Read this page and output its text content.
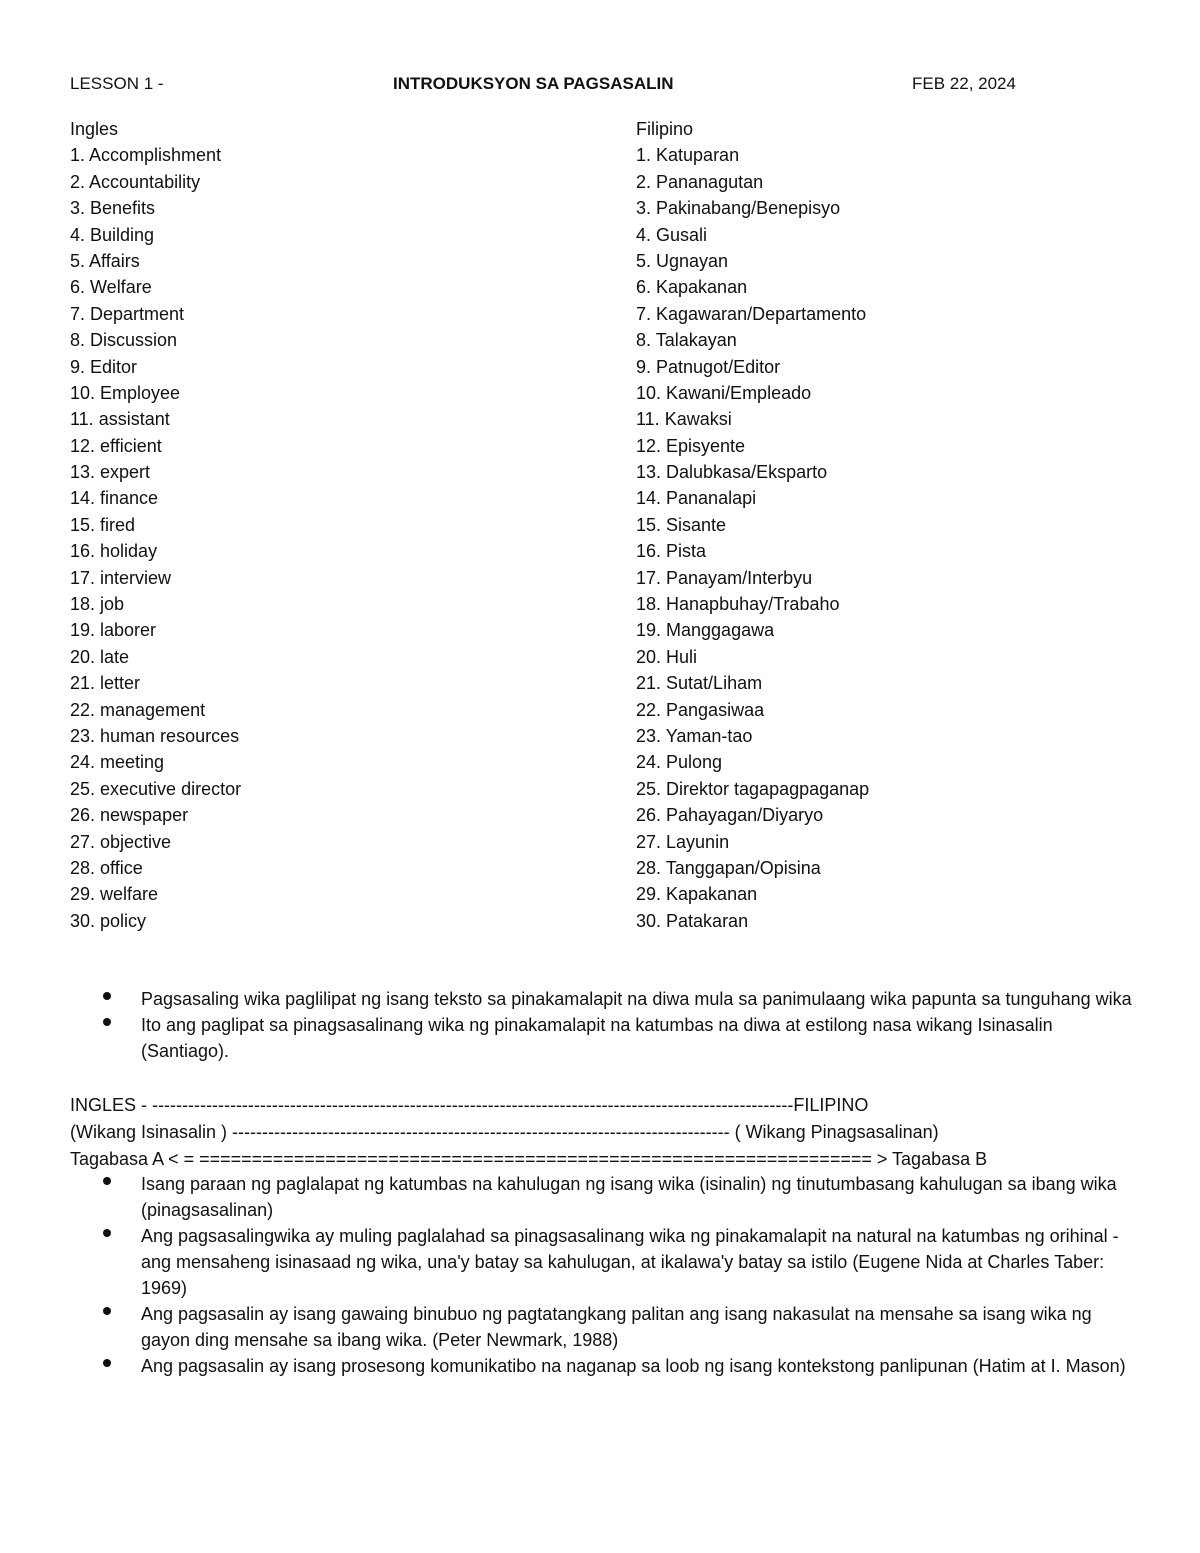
LESSON 1 -	INTRODUKSYON SA PAGSASALIN	FEB 22, 2024
Ingles
1. Accomplishment
2. Accountability
3. Benefits
4. Building
5. Affairs
6. Welfare
7. Department
8. Discussion
9. Editor
10. Employee
11. assistant
12. efficient
13. expert
14. finance
15. fired
16. holiday
17. interview
18. job
19. laborer
20. late
21. letter
22. management
23. human resources
24. meeting
25. executive director
26. newspaper
27. objective
28. office
29. welfare
30. policy
Filipino
1. Katuparan
2. Pananagutan
3. Pakinabang/Benepisyo
4. Gusali
5. Ugnayan
6. Kapakanan
7. Kagawaran/Departamento
8. Talakayan
9. Patnugot/Editor
10. Kawani/Empleado
11. Kawaksi
12. Episyente
13. Dalubkasa/Eksparto
14. Pananalapi
15. Sisante
16. Pista
17. Panayam/Interbyu
18. Hanapbuhay/Trabaho
19. Manggagawa
20. Huli
21. Sutat/Liham
22. Pangasiwaa
23. Yaman-tao
24. Pulong
25. Direktor tagapagpaganap
26. Pahayagan/Diyaryo
27. Layunin
28. Tanggapan/Opisina
29. Kapakanan
30. Patakaran
Pagsasaling wika paglilipat ng isang teksto sa pinakamalapit na diwa mula sa panimulaang wika papunta sa tunguhang wika
Ito ang paglipat sa pinagsasalinang wika ng pinakamalapit na katumbas na diwa at estilong nasa wikang Isinasalin (Santiago).
INGLES - -----------------------------------------------------------------------------------------------------------FILIPINO
(Wikang Isinasalin ) ----------------------------------------------------------------------------------- ( Wikang Pinagsasalinan)
Tagabasa A < = ================================================================ > Tagabasa B
Isang paraan ng paglalapat ng katumbas na kahulugan ng isang wika (isinalin) ng tinutumbasang kahulugan sa ibang wika (pinagsasalinan)
Ang pagsasalingwika ay muling paglalahad sa pinagsasalinang wika ng pinakamalapit na natural na katumbas ng orihinal - ang mensaheng isinasaad ng wika, una'y batay sa kahulugan, at ikalawa'y batay sa istilo (Eugene Nida at Charles Taber: 1969)
Ang pagsasalin ay isang gawaing binubuo ng pagtatangkang palitan ang isang nakasulat na mensahe sa isang wika ng gayon ding mensahe sa ibang wika. (Peter Newmark, 1988)
Ang pagsasalin ay isang prosesong komunikatibo na naganap sa loob ng isang kontekstong panlipunan (Hatim at I. Mason)
